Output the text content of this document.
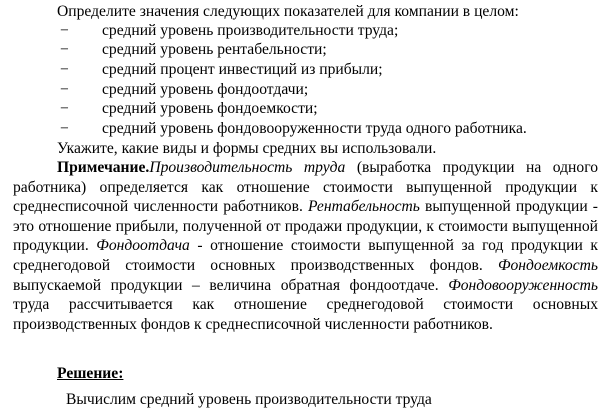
Определите значения следующих показателей для компании в целом:
− средний уровень производительности труда;
− средний уровень рентабельности;
− средний процент инвестиций из прибыли;
− средний уровень фондоотдачи;
− средний уровень фондоемкости;
− средний уровень фондовооруженности труда одного работника.
Укажите, какие виды и формы средних вы использовали.

Примечание.Производительность труда (выработка продукции на одного работника) определяется как отношение стоимости выпущенной продукции к среднесписочной численности работников. Рентабельность выпущенной продукции - это отношение прибыли, полученной от продажи продукции, к стоимости выпущенной продукции. Фондоотдача - отношение стоимости выпущенной за год продукции к среднегодовой стоимости основных производственных фондов. Фондоемкость выпускаемой продукции – величина обратная фондоотдаче. Фондовооруженность труда рассчитывается как отношение среднегодовой стоимости основных производственных фондов к среднесписочной численности работников.

Решение:
Вычислим средний уровень производительности труда
